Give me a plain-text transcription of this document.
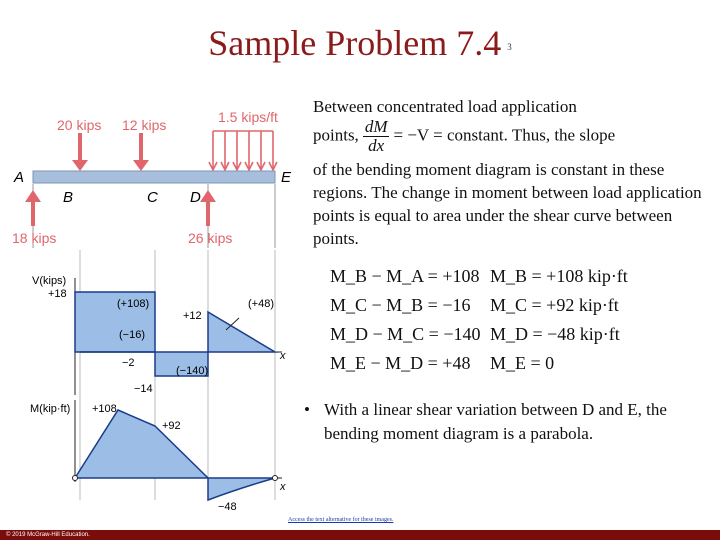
Sample Problem 7.4 3
20 kips 12 kips	1.5 kips/ft
A
B	C D
E
18 kips	26 kips
V(kips)
x
+18
(+108)
(−16)
+12
(+48)
−2
(−140)
−14
M(kip·ft)
x
+108
+92
−48
Between concentrated load application
points, $\frac{dM}{dx} = -V$ = constant. Thus, the slope
of the bending moment diagram is constant in these regions. The change in moment between load application points is equal to area under the shear curve between points.
M_B − M_A = +108 M_B = +108 kip·ft
M_C − M_B = −16 M_C = +92 kip·ft
M_D − M_C = −140 M_D = −48 kip·ft
M_E − M_D = +48 M_E = 0
• With a linear shear variation between D and E, the bending moment diagram is a parabola.
Access the text alternative for these images.
© 2019 McGraw-Hill Education.
